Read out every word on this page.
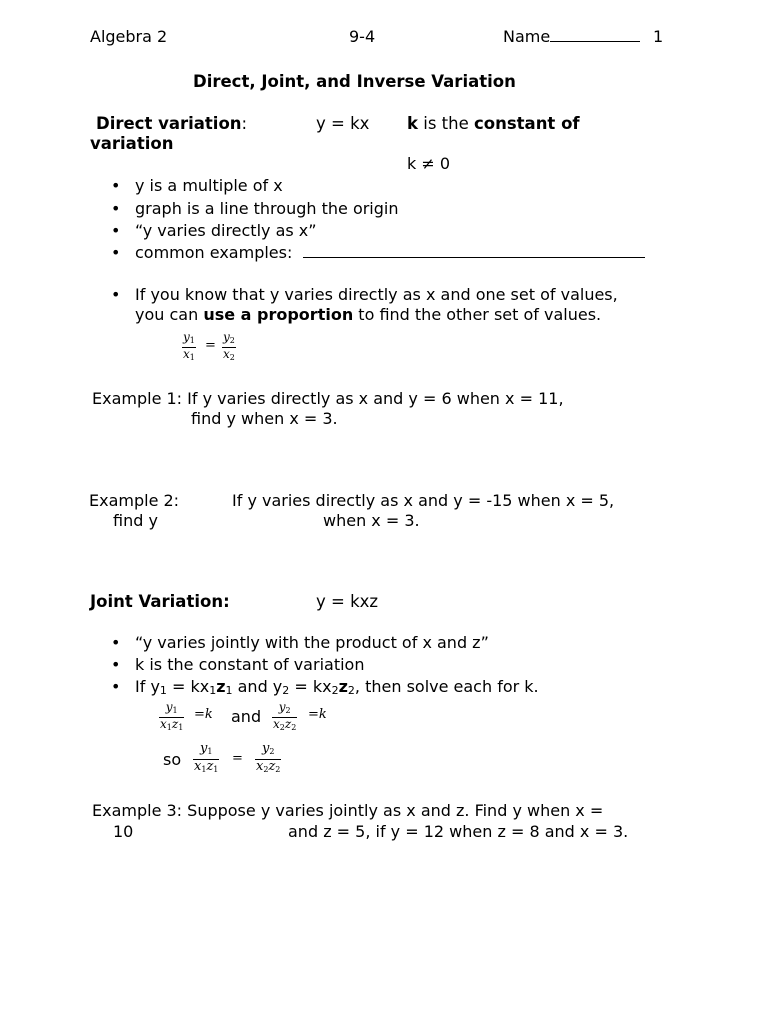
Algebra 2	9-4	Name	1
Direct, Joint, and Inverse Variation
Direct variation:	y = kx k is the constant of
variation
k ≠ 0
• y is a multiple of x
• graph is a line through the origin
• “y varies directly as x”
• common examples:
• If you know that y varies directly as x and one set of values,
you can use a proportion to find the other set of values.
$\frac{y_1}{x_1} = \frac{y_2}{x_2}$
Example 1: If y varies directly as x and y = 6 when x = 11,
find y when x = 3.
Example 2:	If y varies directly as x and y = -15 when x = 5,
find y	when x = 3.
Joint Variation:	y = kxz
• “y varies jointly with the product of x and z”
• k is the constant of variation
• If $y_1 = kx_1z_1$ and $y_2 = kx_2z_2$, then solve each for k.
$\frac{y_1}{x_1z_1} =k$ and $\frac{y_2}{x_2z_2} =k$
so $\frac{y_1}{x_1z_1} = \frac{y_2}{x_2z_2}$
Example 3: Suppose y varies jointly as x and z. Find y when x =
10	and z = 5, if y = 12 when z = 8 and x = 3.
